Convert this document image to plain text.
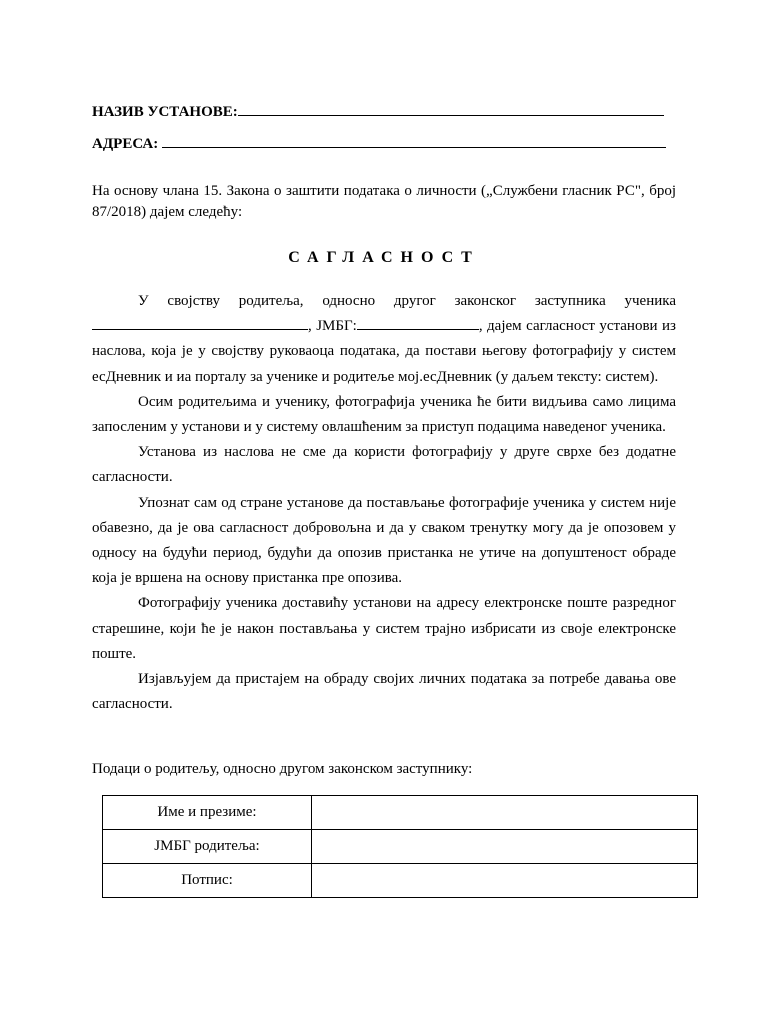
НАЗИВ УСТАНОВЕ:
АДРЕСА:

На основу члана 15. Закона о заштити података о личности („Службени гласник РС", број 87/2018) дајем следећу:

САГЛАСНОСТ

У својству родитеља, односно другог законског заступника ученика, ЈМБГ:	, дајем сагласност установи из наслова, која је у својству руковаоца података, да постави његову фотографију у систем есДневник и иа порталу за ученике и родитеље мој.есДневник (у даљем тексту: систем).

Осим родитељима и ученику, фотографија ученика ће бити видљива само лицима запосленим у установи и у систему овлашћеним за приступ подацима наведеног ученика.

Установа из наслова не сме да користи фотографију у друге сврхе без додатне сагласности.

Упознат сам од стране установе да постављање фотографије ученика у систем није обавезно, да је ова сагласност добровољна и да у сваком тренутку могу да је опозовем у односу на будући период, будући да опозив пристанка не утиче на допуштеност обраде која је вршена на основу пристанка пре опозива.

Фотографију ученика доставићу установи на адресу електронске поште разредног старешине, који ће је након постављања у систем трајно избрисати из своје електронске поште.

Изјављујем да пристајем на обраду својих личних података за потребе давања ове сагласности.

Подаци о родитељу, односно другом законском заступнику:

Име и презиме:	
ЈМБГ родитеља:	
Потпис:	
